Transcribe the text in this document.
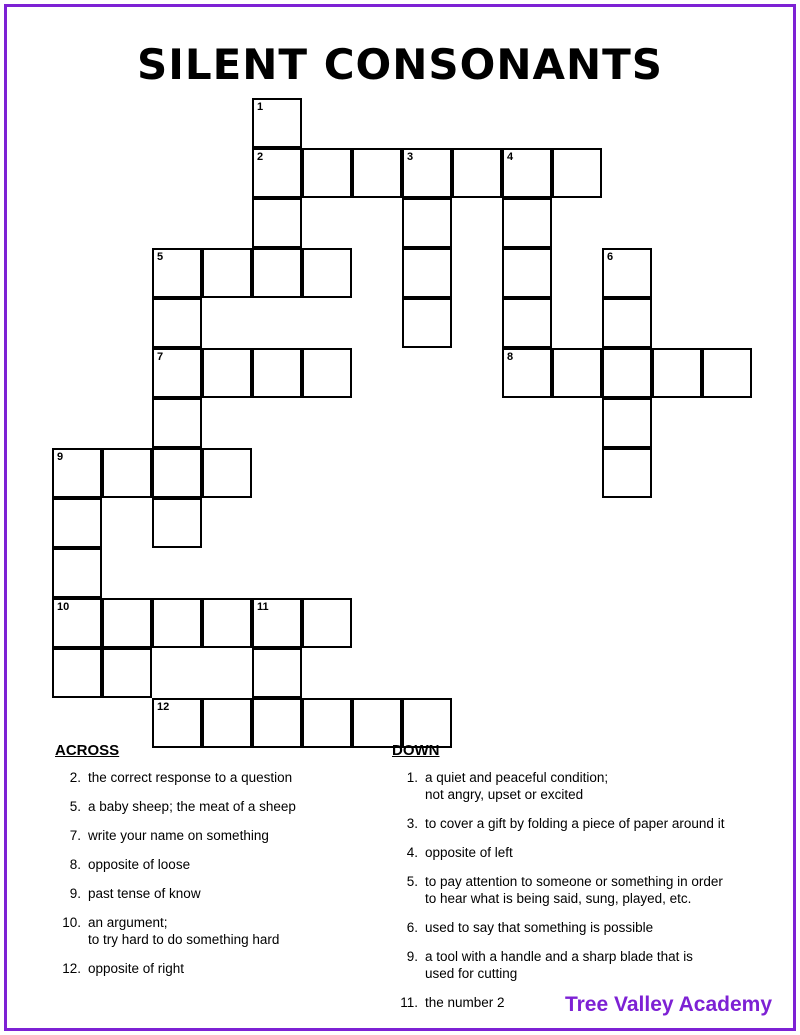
SILENT CONSONANTS
1
2	3	4
5	6
7	8
9
10	11
12
ACROSS
2. the correct response to a question
5. a baby sheep; the meat of a sheep
7. write your name on something
8. opposite of loose
9. past tense of know
10. an argument;
to try hard to do something hard
12. opposite of right
DOWN
1. a quiet and peaceful condition;
not angry, upset or excited
3. to cover a gift by folding a piece of paper around it
4. opposite of left
5. to pay attention to someone or something in order
to hear what is being said, sung, played, etc.
6. used to say that something is possible
9. a tool with a handle and a sharp blade that is
used for cutting
11. the number 2	Tree Valley Academy
